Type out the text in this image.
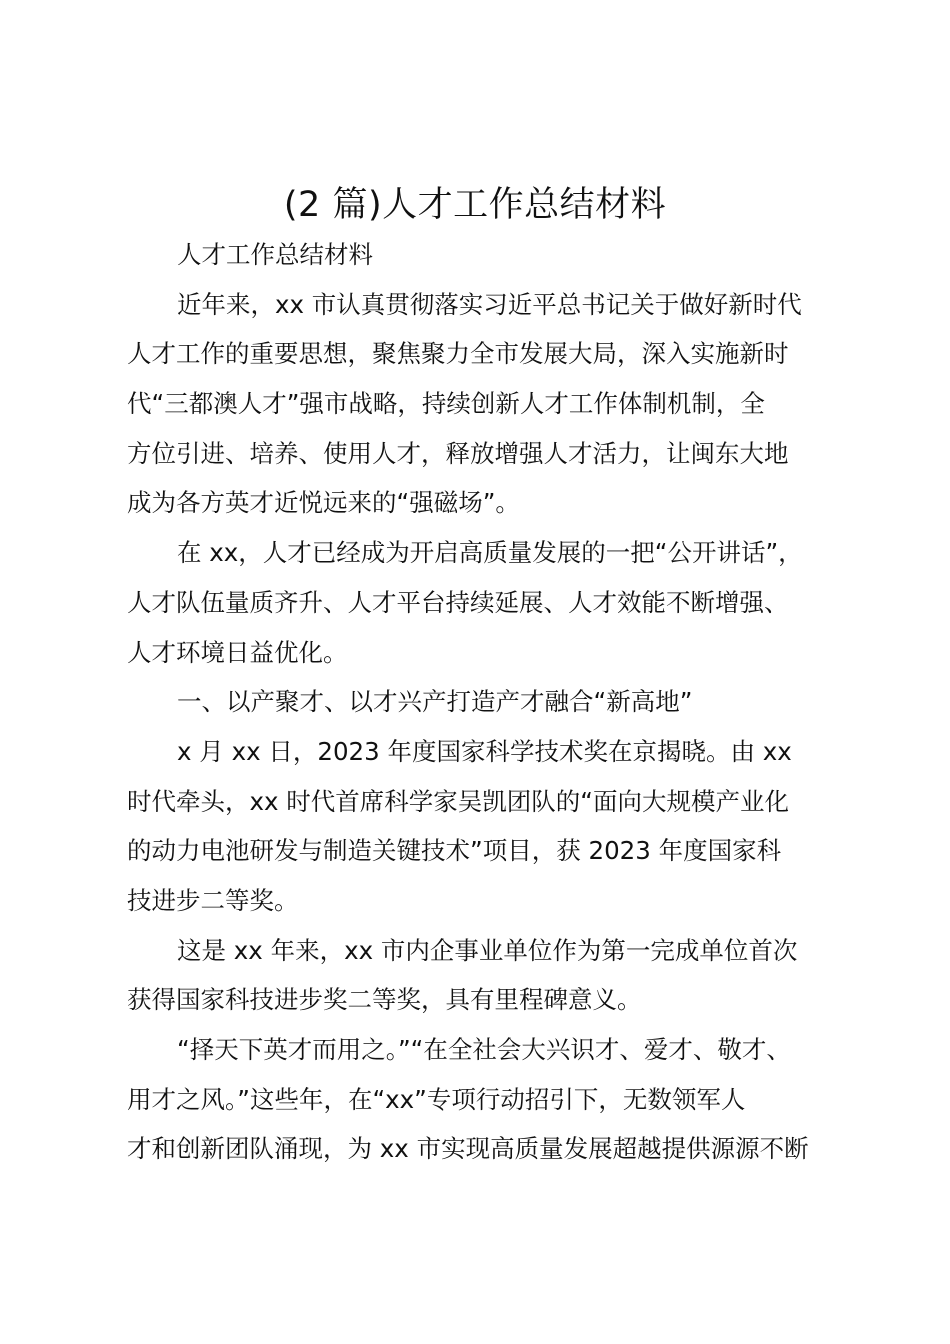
(2 篇)人才工作总结材料
人才工作总结材料
近年来，xx 市认真贯彻落实习近平总书记关于做好新时代
人才工作的重要思想，聚焦聚力全市发展大局，深入实施新时
代“三都澳人才”强市战略，持续创新人才工作体制机制，全
方位引进、培养、使用人才，释放增强人才活力，让闽东大地
成为各方英才近悦远来的“强磁场”。
在 xx，人才已经成为开启高质量发展的一把“公开讲话”，
人才队伍量质齐升、人才平台持续延展、人才效能不断增强、
人才环境日益优化。
一、以产聚才、以才兴产打造产才融合“新高地”
x 月 xx 日，2023 年度国家科学技术奖在京揭晓。由 xx
时代牵头，xx 时代首席科学家吴凯团队的“面向大规模产业化
的动力电池研发与制造关键技术”项目，获 2023 年度国家科
技进步二等奖。
这是 xx 年来，xx 市内企事业单位作为第一完成单位首次
获得国家科技进步奖二等奖，具有里程碑意义。
“择天下英才而用之。”“在全社会大兴识才、爱才、敬才、
用才之风。”这些年，在“xx”专项行动招引下，无数领军人
才和创新团队涌现，为 xx 市实现高质量发展超越提供源源不断
